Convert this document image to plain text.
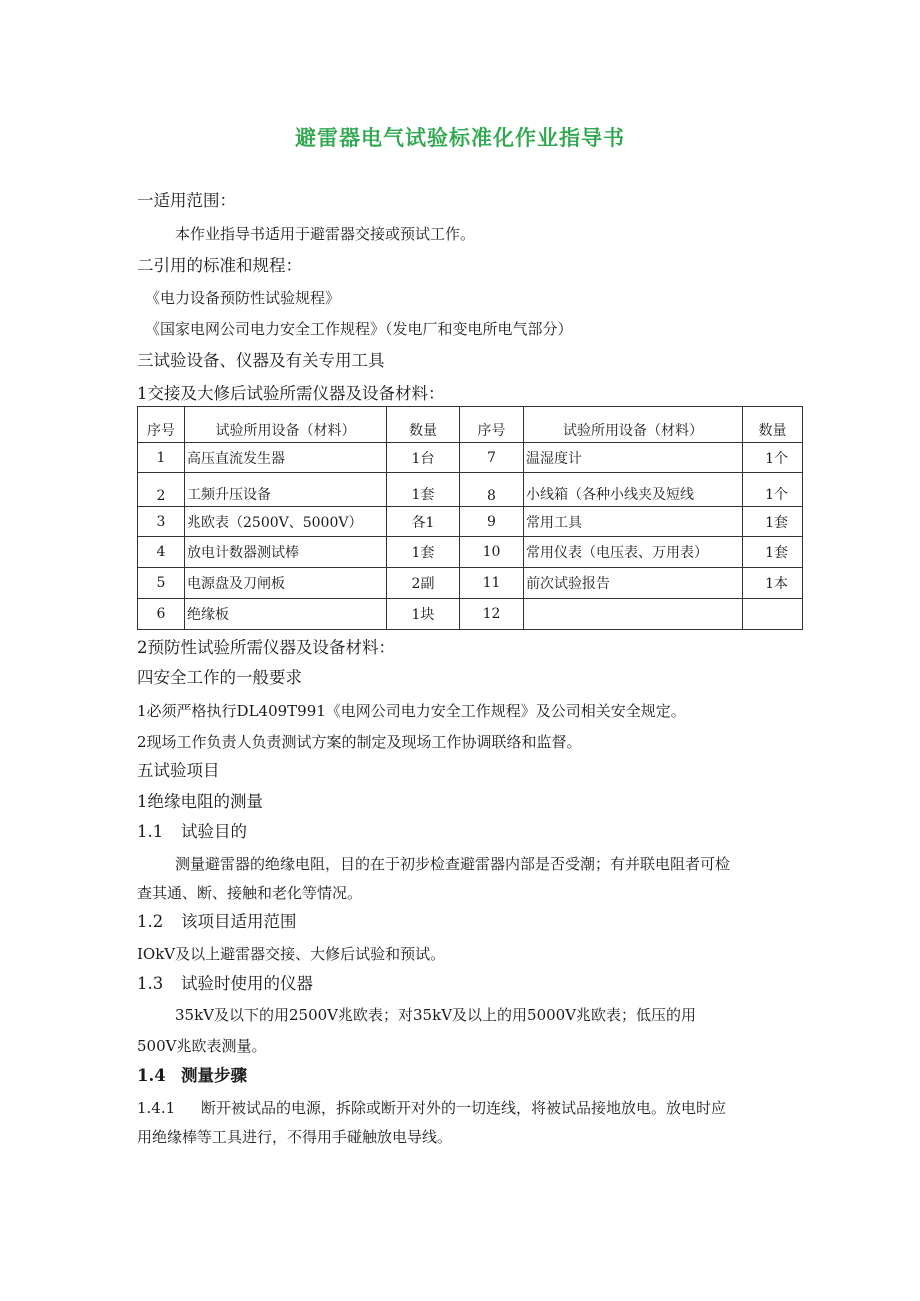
避雷器电气试验标准化作业指导书
一适用范围：
本作业指导书适用于避雷器交接或预试工作。
二引用的标准和规程：
《电力设备预防性试验规程》
《国家电网公司电力安全工作规程》（发电厂和变电所电气部分）
三试验设备、仪器及有关专用工具
1交接及大修后试验所需仪器及设备材料：
序号	试验所用设备（材料）	数量	序号	试验所用设备（材料）	数量
1	高压直流发生器	1台	7	温湿度计	1个
2	工频升压设备	1套	8	小线箱（各种小线夹及短线	1个
3	兆欧表（2500V、5000V）	各1	9	常用工具	1套
4	放电计数器测试棒	1套	10	常用仪表（电压表、万用表）	1套
5	电源盘及刀闸板	2副	11	前次试验报告	1本
6	绝缘板	1块	12		
2预防性试验所需仪器及设备材料：
四安全工作的一般要求
1必须严格执行DL409T991《电网公司电力安全工作规程》及公司相关安全规定。
2现场工作负责人负责测试方案的制定及现场工作协调联络和监督。
五试验项目
1绝缘电阻的测量
1.1 试验目的
测量避雷器的绝缘电阻，目的在于初步检查避雷器内部是否受潮；有并联电阻者可检
查其通、断、接触和老化等情况。
1.2 该项目适用范围
IOkV及以上避雷器交接、大修后试验和预试。
1.3 试验时使用的仪器
35kV及以下的用2500V兆欧表；对35kV及以上的用5000V兆欧表；低压的用
500V兆欧表测量。
1.4 测量步骤
1.4.1 断开被试品的电源，拆除或断开对外的一切连线，将被试品接地放电。放电时应
用绝缘棒等工具进行，不得用手碰触放电导线。
